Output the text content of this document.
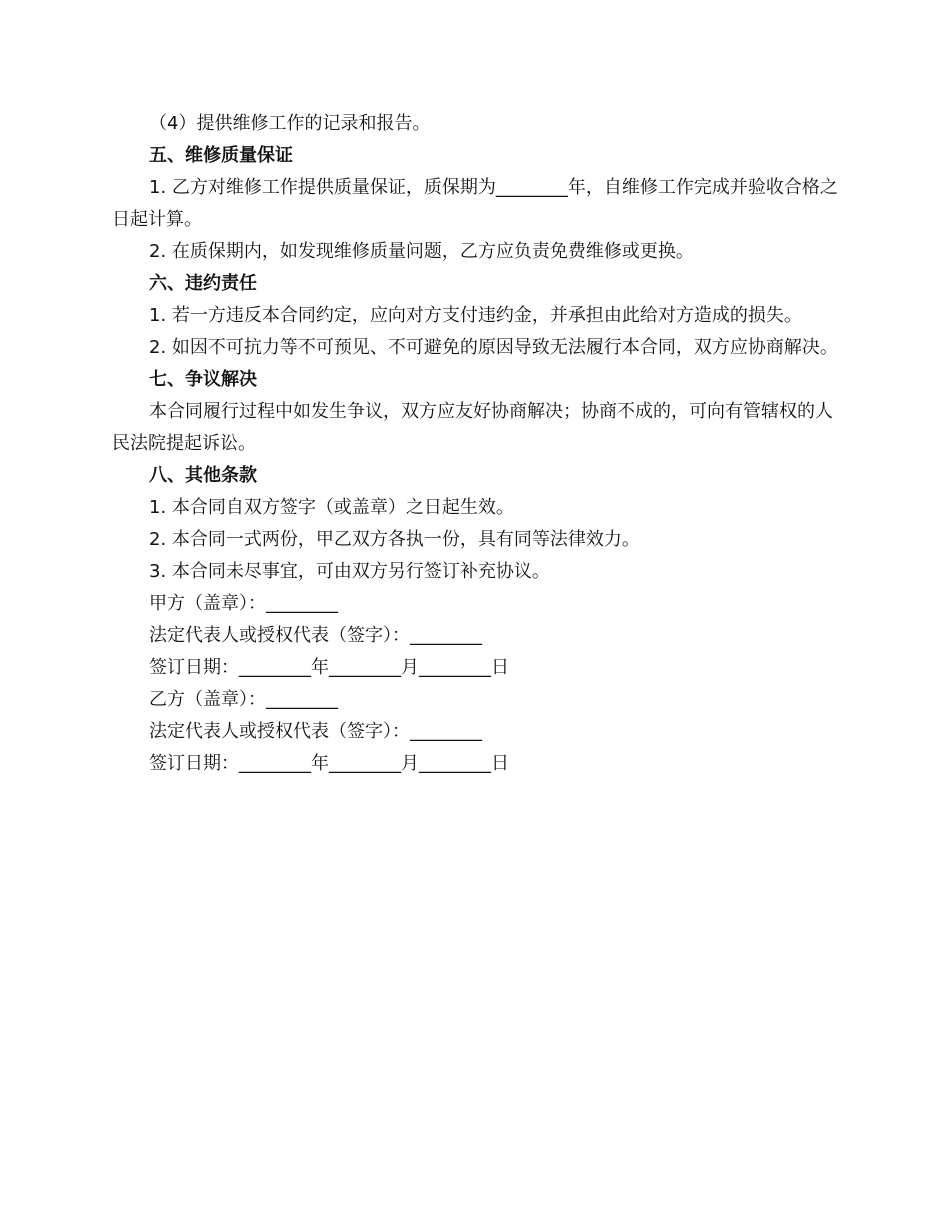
（4）提供维修工作的记录和报告。

五、维修质量保证

1. 乙方对维修工作提供质量保证，质保期为________年，自维修工作完成并验收合格之日起计算。

2. 在质保期内，如发现维修质量问题，乙方应负责免费维修或更换。

六、违约责任

1. 若一方违反本合同约定，应向对方支付违约金，并承担由此给对方造成的损失。

2. 如因不可抗力等不可预见、不可避免的原因导致无法履行本合同，双方应协商解决。

七、争议解决

本合同履行过程中如发生争议，双方应友好协商解决；协商不成的，可向有管辖权的人民法院提起诉讼。

八、其他条款

1. 本合同自双方签字（或盖章）之日起生效。

2. 本合同一式两份，甲乙双方各执一份，具有同等法律效力。

3. 本合同未尽事宜，可由双方另行签订补充协议。

甲方（盖章）：________

法定代表人或授权代表（签字）：________

签订日期：________年________月________日

乙方（盖章）：________

法定代表人或授权代表（签字）：________

签订日期：________年________月________日
